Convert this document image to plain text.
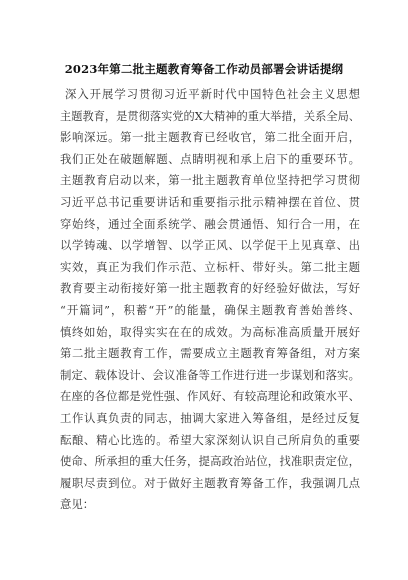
2023年第二批主题教育筹备工作动员部署会讲话提纲
深入开展学习贯彻习近平新时代中国特色社会主义思想
主题教育，是贯彻落实党的X大精神的重大举措，关系全局、
影响深远。第一批主题教育已经收官，第二批全面开启，
我们正处在破题解题、点睛明视和承上启下的重要环节。
主题教育启动以来，第一批主题教育单位坚持把学习贯彻
习近平总书记重要讲话和重要指示批示精神摆在首位、贯
穿始终，通过全面系统学、融会贯通悟、知行合一用，在
以学铸魂、以学增智、以学正风、以学促干上见真章、出
实效，真正为我们作示范、立标杆、带好头。第二批主题
教育要主动衔接好第一批主题教育的好经验好做法，写好
“开篇词”，积蓄“开”的能量，确保主题教育善始善终、
慎终如始，取得实实在在的成效。为高标准高质量开展好
第二批主题教育工作，需要成立主题教育筹备组，对方案
制定、载体设计、会议准备等工作进行进一步谋划和落实。
在座的各位都是党性强、作风好、有较高理论和政策水平、
工作认真负责的同志，抽调大家进入筹备组，是经过反复
酝酿、精心比选的。希望大家深刻认识自己所肩负的重要
使命、所承担的重大任务，提高政治站位，找准职责定位，
履职尽责到位。对于做好主题教育筹备工作，我强调几点
意见：
